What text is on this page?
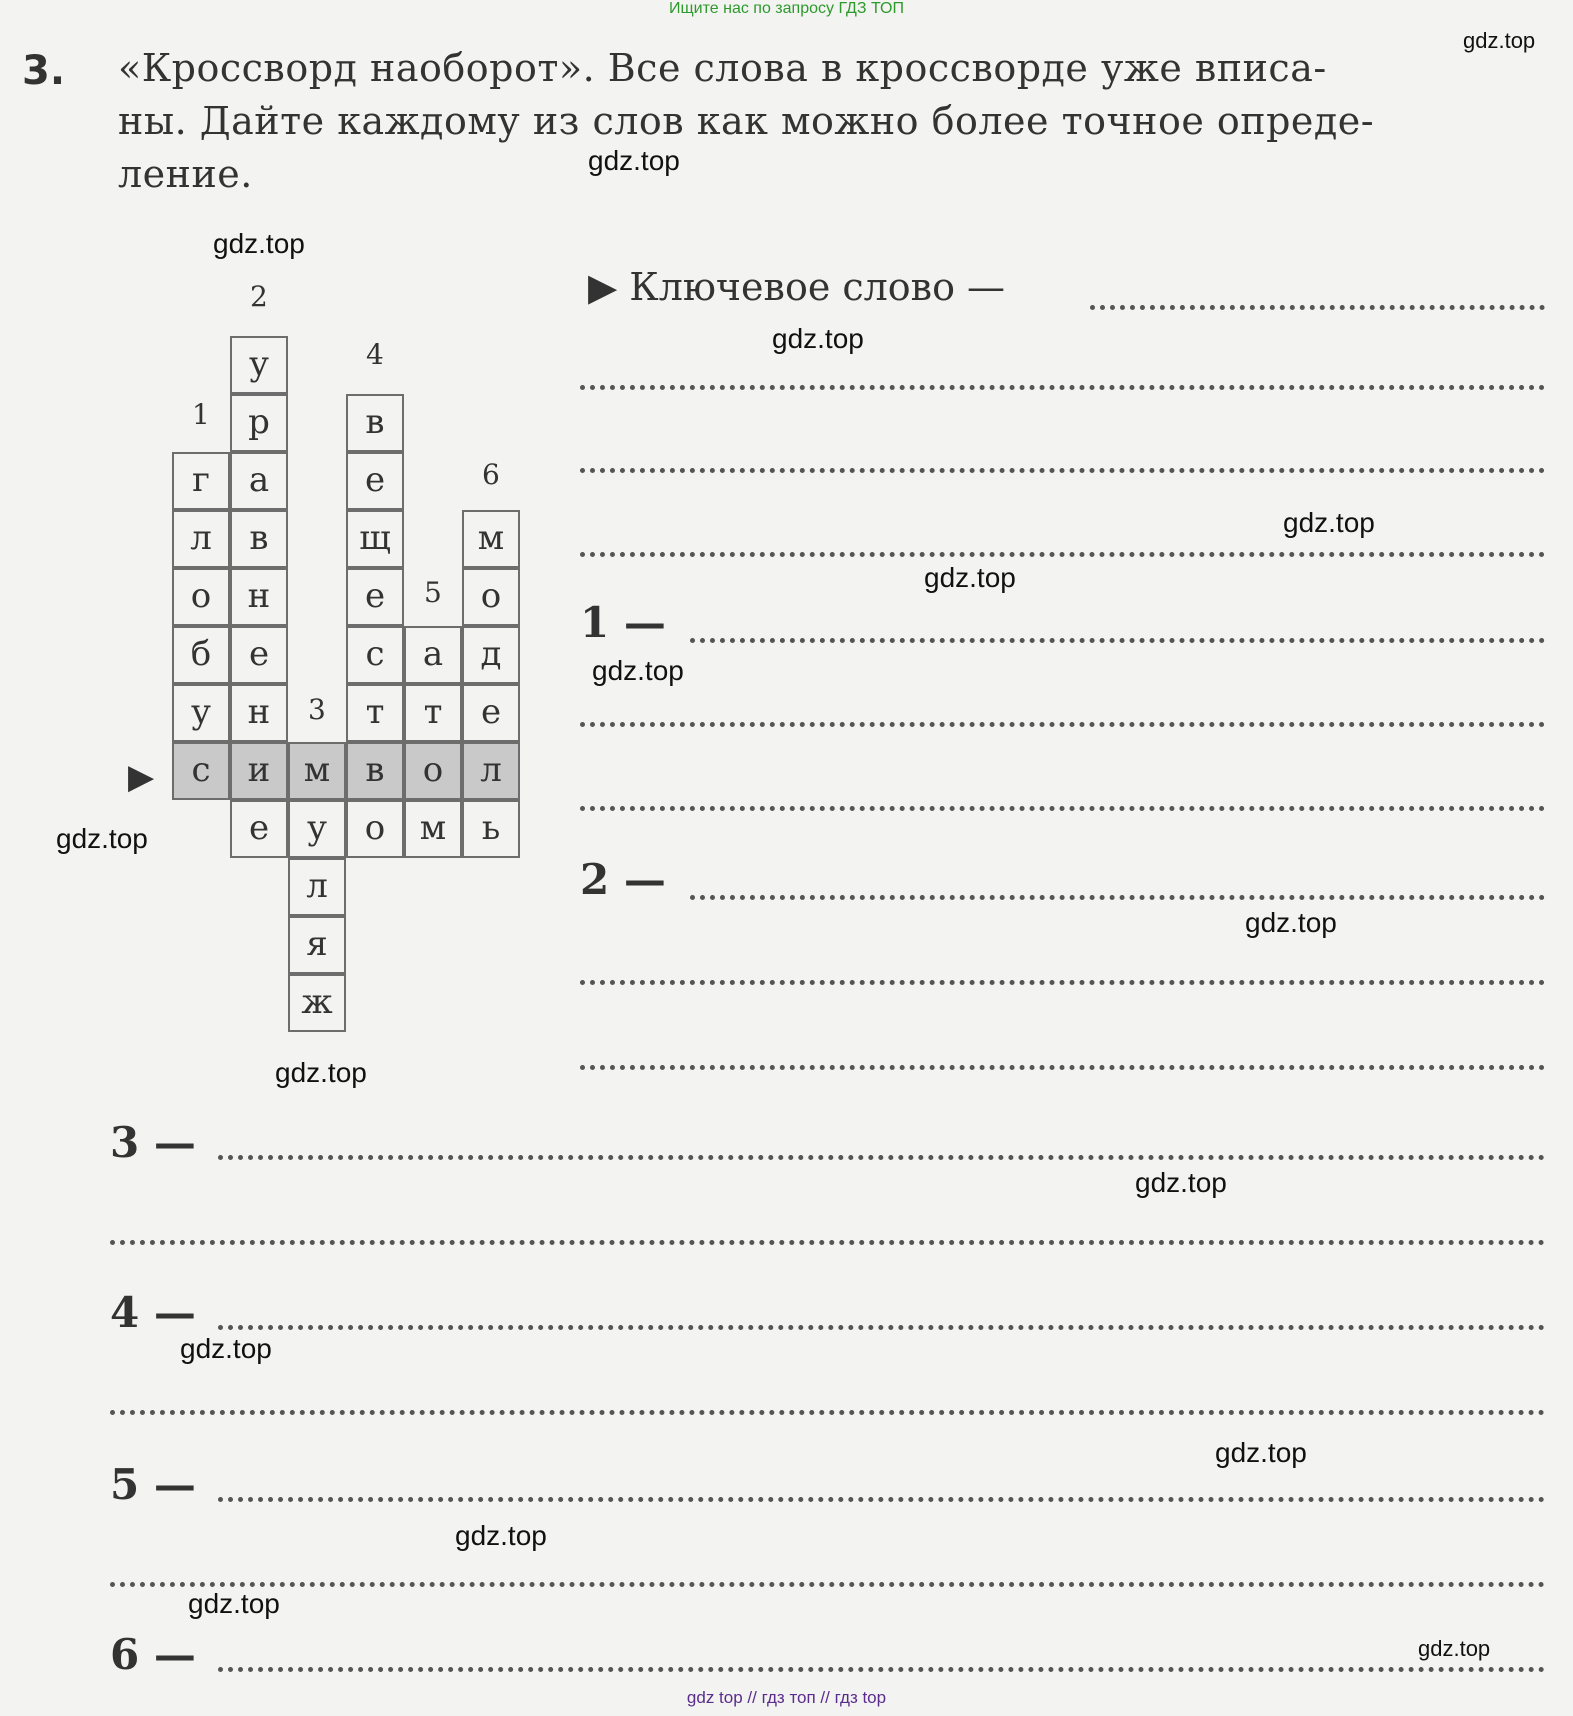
Ищите нас по запросу ГДЗ ТОП
3. «Кроссворд наоборот». Все слова в кроссворде уже вписа-
ны. Дайте каждому из слов как можно более точное опреде-
ление.
1
2
3
4
5
6
▶
г
л
о
б
у
с
у
р
а
в
н
е
н
и
е
м
у
л
я
ж
в
е
щ
е
с
т
в
о
а
т
о
м
м
о
д
е
л
ь
▶ Ключевое слово —
1 —
2 —
3 —
4 —
5 —
6 —
gdz.top
gdz.top
gdz.top
gdz.top
gdz.top
gdz.top
gdz.top
gdz.top
gdz.top
gdz.top
gdz.top
gdz.top
gdz.top
gdz.top
gdz.top
gdz.top
gdz top // гдз топ // гдз top
